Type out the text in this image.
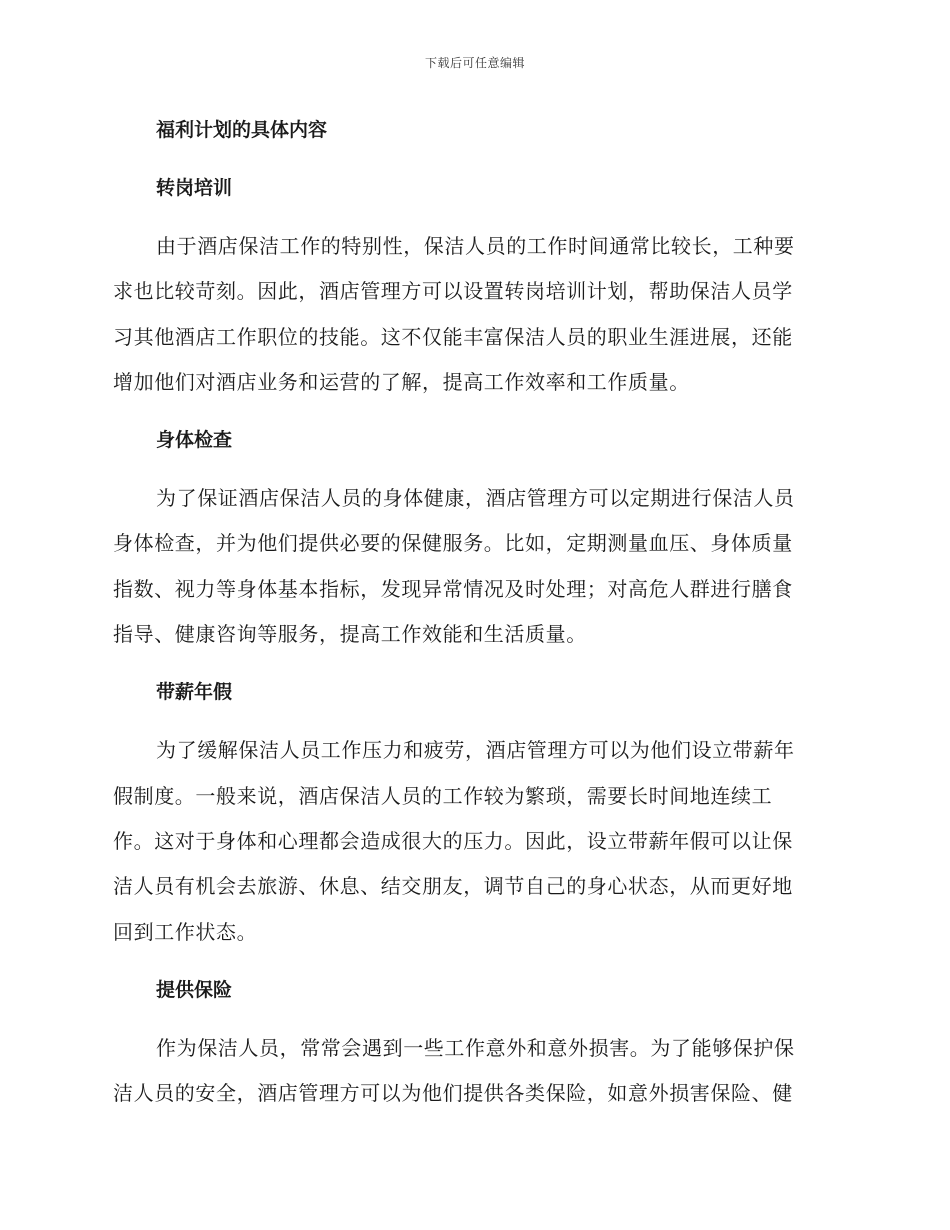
下载后可任意编辑
福利计划的具体内容
转岗培训
由于酒店保洁工作的特别性，保洁人员的工作时间通常比较长，工种要
求也比较苛刻。因此，酒店管理方可以设置转岗培训计划，帮助保洁人员学
习其他酒店工作职位的技能。这不仅能丰富保洁人员的职业生涯进展，还能
增加他们对酒店业务和运营的了解，提高工作效率和工作质量。
身体检查
为了保证酒店保洁人员的身体健康，酒店管理方可以定期进行保洁人员
身体检查，并为他们提供必要的保健服务。比如，定期测量血压、身体质量
指数、视力等身体基本指标，发现异常情况及时处理；对高危人群进行膳食
指导、健康咨询等服务，提高工作效能和生活质量。
带薪年假
为了缓解保洁人员工作压力和疲劳，酒店管理方可以为他们设立带薪年
假制度。一般来说，酒店保洁人员的工作较为繁琐，需要长时间地连续工
作。这对于身体和心理都会造成很大的压力。因此，设立带薪年假可以让保
洁人员有机会去旅游、休息、结交朋友，调节自己的身心状态，从而更好地
回到工作状态。
提供保险
作为保洁人员，常常会遇到一些工作意外和意外损害。为了能够保护保
洁人员的安全，酒店管理方可以为他们提供各类保险，如意外损害保险、健
